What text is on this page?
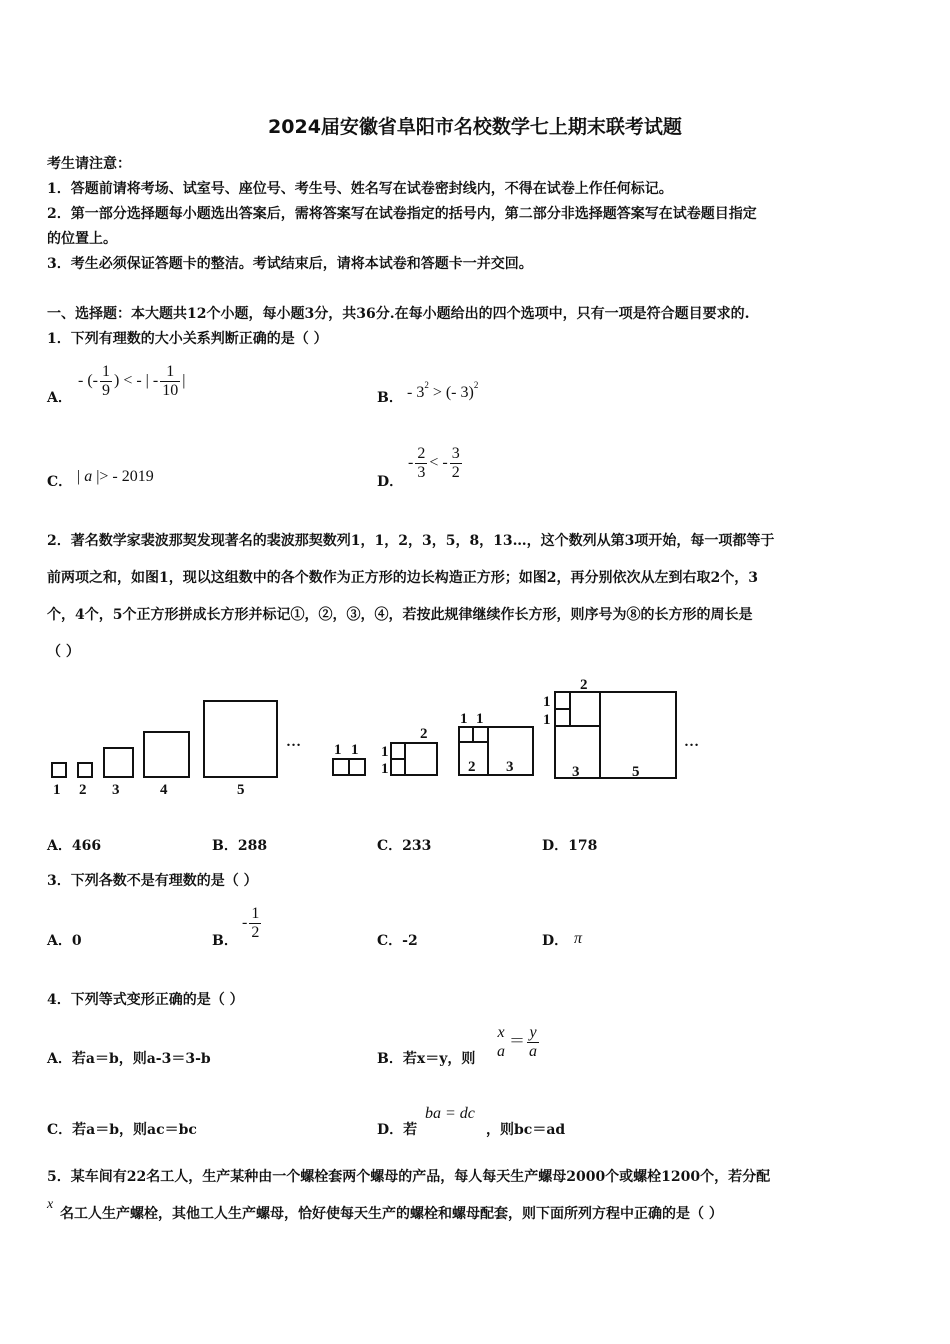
2024届安徽省阜阳市名校数学七上期末联考试题
考生请注意：
1．答题前请将考场、试室号、座位号、考生号、姓名写在试卷密封线内，不得在试卷上作任何标记。
2．第一部分选择题每小题选出答案后，需将答案写在试卷指定的括号内，第二部分非选择题答案写在试卷题目指定
的位置上。
3．考生必须保证答题卡的整洁。考试结束后，请将本试卷和答题卡一并交回。
一、选择题：本大题共12个小题，每小题3分，共36分.在每小题给出的四个选项中，只有一项是符合题目要求的.
1．下列有理数的大小关系判断正确的是（ ）
A．
- (- $\frac{1}{9}$ ) < - | - $\frac{1}{10}$ |
B． - $3^2$ > (- 3)$^2$
C． | a |> - 2019	D．
- $\frac{2}{3}$ < - $\frac{3}{2}$
2．著名数学家裴波那契发现著名的裴波那契数列1，1，2，3，5，8，13…，这个数列从第3项开始，每一项都等于
前两项之和，如图1，现以这组数中的各个数作为正方形的边长构造正方形；如图2，再分别依次从左到右取2个，3
个，4个，5个正方形拼成长方形并标记①，②，③，④，若按此规律继续作长方形，则序号为⑧的长方形的周长是
（ ）
1 2 3	4	5
… 1 1 1
1
2
1 1
2 3
2
1
1
3	5
…
A．466	B．288	C．233	D．178
3．下列各数不是有理数的是（ ）
A．0	B．
- $\frac{1}{2}$	C．-2	D． π
4．下列等式变形正确的是（ ）
A．若a＝b，则a-3＝3-b	B．若x＝y，则 $\frac{x}{a} = \frac{y}{a}$
C．若a＝b，则ac＝bc	D．若
ba = dc
，则bc＝ad
5．某车间有22名工人，生产某种由一个螺栓套两个螺母的产品，每人每天生产螺母2000个或螺栓1200个，若分配
x
名工人生产螺栓，其他工人生产螺母，恰好使每天生产的螺栓和螺母配套，则下面所列方程中正确的是（ ）
